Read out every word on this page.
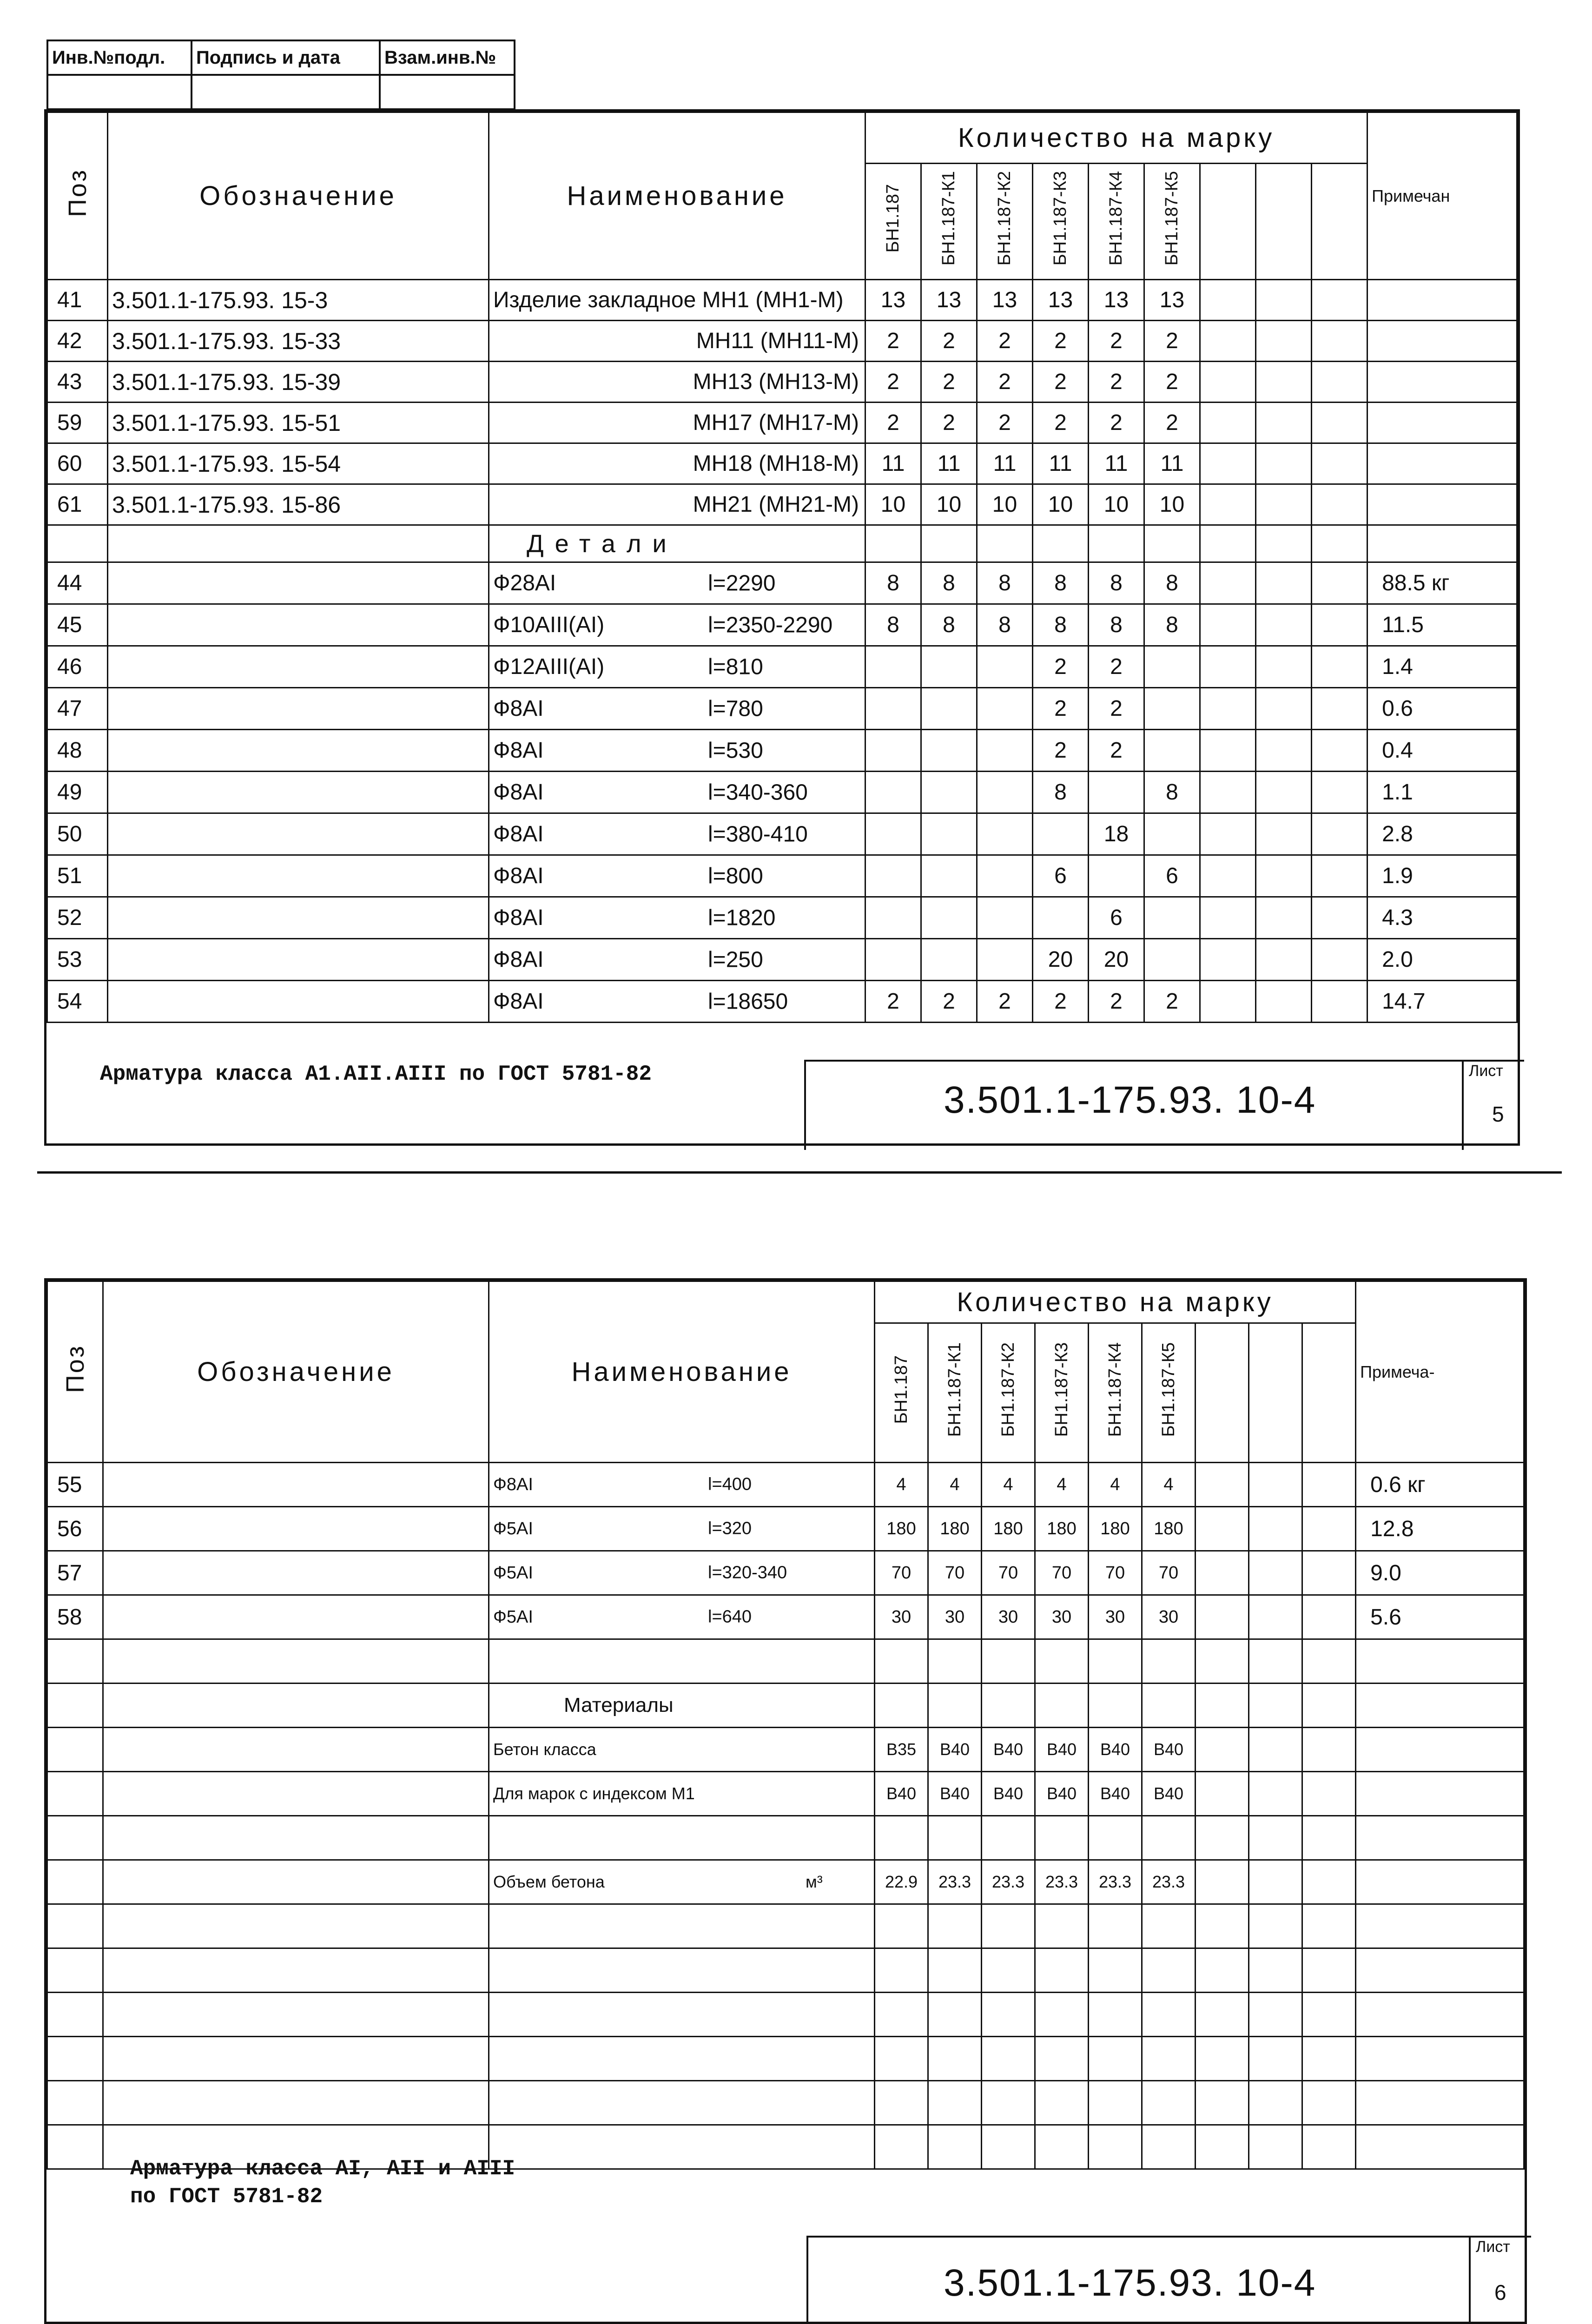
Инв.№подл.	Подпись и дата	Взам.инв.№

Поз	Обозначение	Наименование	Количество на марку									Примечан
			БН1.187	БН1.187-К1	БН1.187-К2	БН1.187-К3	БН1.187-К4	БН1.187-К5				
41	3.501.1-175.93. 15-3	Изделие закладное МН1 (МН1-М)	13	13	13	13	13	13				
42	3.501.1-175.93. 15-33	МН11 (МН11-М)	2	2	2	2	2	2				
43	3.501.1-175.93. 15-39	МН13 (МН13-М)	2	2	2	2	2	2				
59	3.501.1-175.93. 15-51	МН17 (МН17-М)	2	2	2	2	2	2				
60	3.501.1-175.93. 15-54	МН18 (МН18-М)	11	11	11	11	11	11				
61	3.501.1-175.93. 15-86	МН21 (МН21-М)	10	10	10	10	10	10				
		Детали										
44		Ф28АI l=2290	8	8	8	8	8	8				88.5 кг
45		Ф10АIII(АI) l=2350-2290	8	8	8	8	8	8				11.5
46		Ф12АIII(АI) l=810				2	2					1.4
47		Ф8АI l=780				2	2					0.6
48		Ф8АI l=530				2	2					0.4
49		Ф8АI l=340-360				8		8				1.1
50		Ф8АI l=380-410					18					2.8
51		Ф8АI l=800				6		6				1.9
52		Ф8АI l=1820					6					4.3
53		Ф8АI l=250				20	20					2.0
54		Ф8АI l=18650	2	2	2	2	2	2				14.7
Арматура класса А1.АII.АIII по ГОСТ 5781-82
3.501.1-175.93. 10-4
Лист
5
Поз	Обозначение	Наименование	Количество на марку									Примеча-
			БН1.187	БН1.187-К1	БН1.187-К2	БН1.187-К3	БН1.187-К4	БН1.187-К5				
55		Ф8АI l=400	4	4	4	4	4	4				0.6 кг
56		Ф5АI l=320	180	180	180	180	180	180				12.8
57		Ф5АI l=320-340	70	70	70	70	70	70				9.0
58		Ф5АI l=640	30	30	30	30	30	30				5.6

		Материалы										
		Бетон класса	В35	В40	В40	В40	В40	В40				
		Для марок с индексом М1	В40	В40	В40	В40	В40	В40				

		Объем бетона м³	22.9	23.3	23.3	23.3	23.3	23.3				

Арматура класса АI, АII и АIII
по ГОСТ 5781-82
3.501.1-175.93. 10-4
Лист
6
